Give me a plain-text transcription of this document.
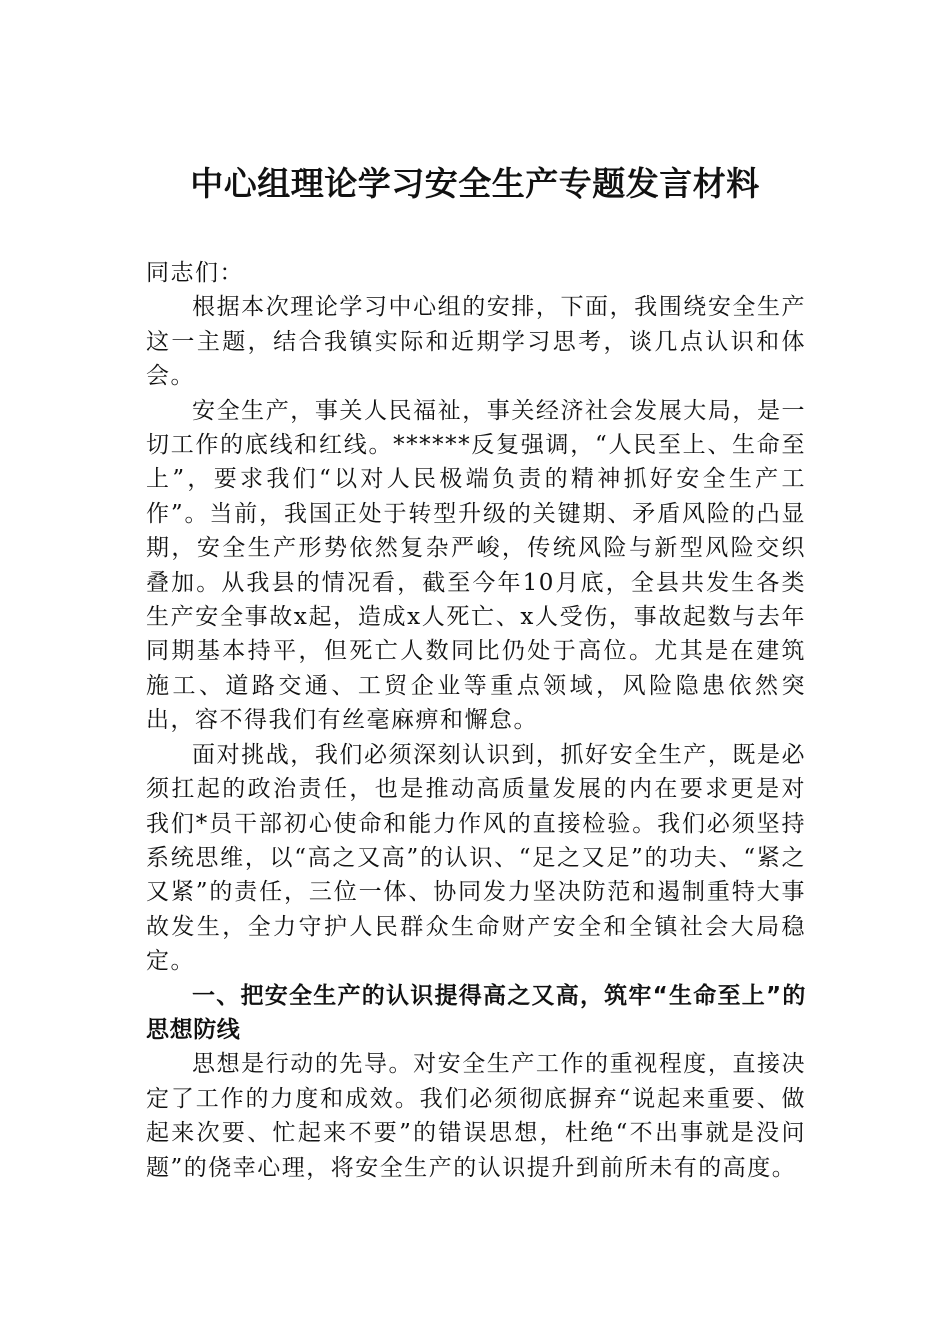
中心组理论学习安全生产专题发言材料

同志们：

根据本次理论学习中心组的安排，下面，我围绕安全生产这一主题，结合我镇实际和近期学习思考，谈几点认识和体会。

安全生产，事关人民福祉，事关经济社会发展大局，是一切工作的底线和红线。******反复强调，“人民至上、生命至上”，要求我们“以对人民极端负责的精神抓好安全生产工作”。当前，我国正处于转型升级的关键期、矛盾风险的凸显期，安全生产形势依然复杂严峻，传统风险与新型风险交织叠加。从我县的情况看，截至今年10月底，全县共发生各类生产安全事故x起，造成x人死亡、x人受伤，事故起数与去年同期基本持平，但死亡人数同比仍处于高位。尤其是在建筑施工、道路交通、工贸企业等重点领域，风险隐患依然突出，容不得我们有丝毫麻痹和懈怠。

面对挑战，我们必须深刻认识到，抓好安全生产，既是必须扛起的政治责任，也是推动高质量发展的内在要求更是对我们*员干部初心使命和能力作风的直接检验。我们必须坚持系统思维，以“高之又高”的认识、“足之又足”的功夫、“紧之又紧”的责任，三位一体、协同发力坚决防范和遏制重特大事故发生，全力守护人民群众生命财产安全和全镇社会大局稳定。

一、把安全生产的认识提得高之又高，筑牢“生命至上”的思想防线

思想是行动的先导。对安全生产工作的重视程度，直接决定了工作的力度和成效。我们必须彻底摒弃“说起来重要、做起来次要、忙起来不要”的错误思想，杜绝“不出事就是没问题”的侥幸心理，将安全生产的认识提升到前所未有的高度。
